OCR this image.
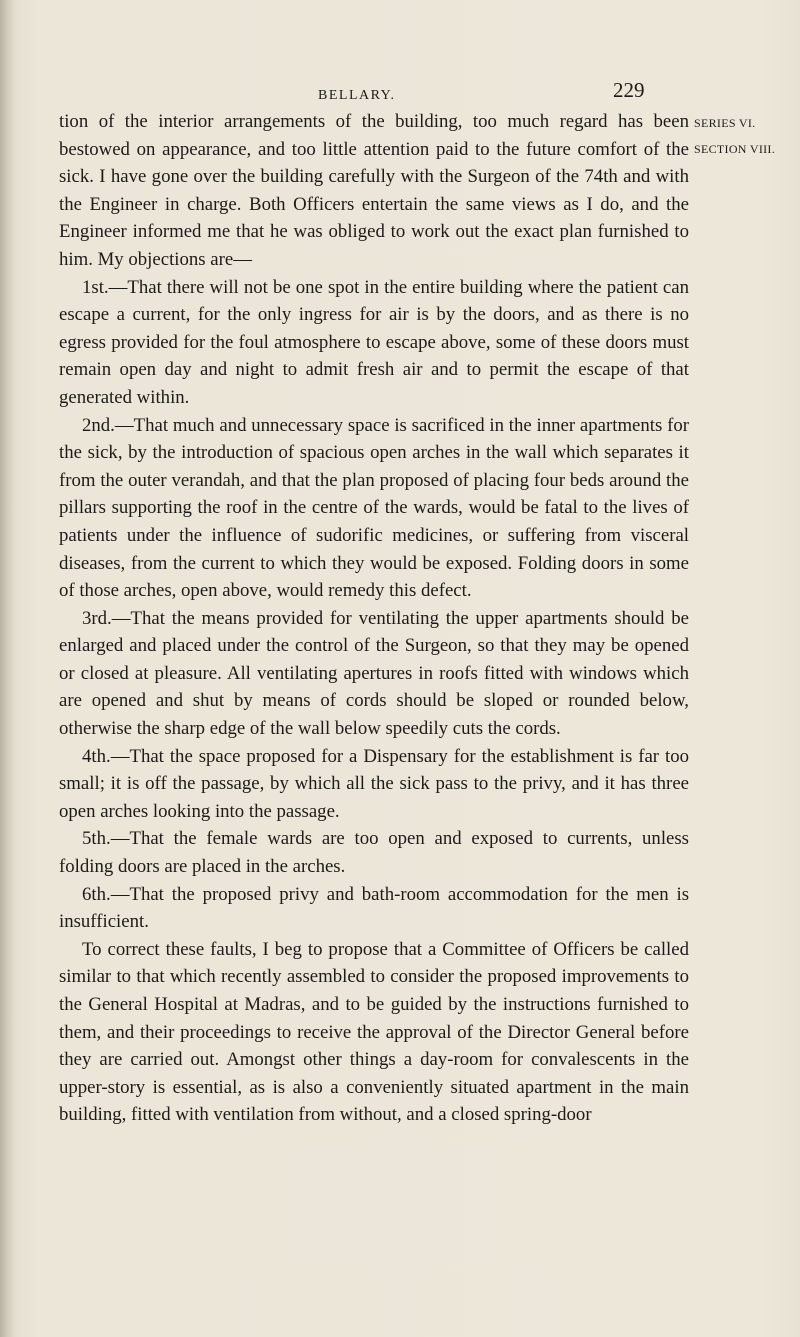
BELLARY.	229
SERIES VI.
SECTION VIII.

tion of the interior arrangements of the building, too much regard has been bestowed on appearance, and too little attention paid to the future comfort of the sick. I have gone over the building carefully with the Surgeon of the 74th and with the Engineer in charge. Both Officers entertain the same views as I do, and the Engineer informed me that he was obliged to work out the exact plan furnished to him. My objections are—

1st.—That there will not be one spot in the entire building where the patient can escape a current, for the only ingress for air is by the doors, and as there is no egress provided for the foul atmosphere to escape above, some of these doors must remain open day and night to admit fresh air and to permit the escape of that generated within.

2nd.—That much and unnecessary space is sacrificed in the inner apartments for the sick, by the introduction of spacious open arches in the wall which separates it from the outer verandah, and that the plan proposed of placing four beds around the pillars supporting the roof in the centre of the wards, would be fatal to the lives of patients under the influence of sudorific medicines, or suffering from visceral diseases, from the current to which they would be exposed. Folding doors in some of those arches, open above, would remedy this defect.

3rd.—That the means provided for ventilating the upper apartments should be enlarged and placed under the control of the Surgeon, so that they may be opened or closed at pleasure. All ventilating apertures in roofs fitted with windows which are opened and shut by means of cords should be sloped or rounded below, otherwise the sharp edge of the wall below speedily cuts the cords.

4th.—That the space proposed for a Dispensary for the establishment is far too small; it is off the passage, by which all the sick pass to the privy, and it has three open arches looking into the passage.

5th.—That the female wards are too open and exposed to currents, unless folding doors are placed in the arches.

6th.—That the proposed privy and bath-room accommodation for the men is insufficient.

To correct these faults, I beg to propose that a Committee of Officers be called similar to that which recently assembled to consider the proposed improvements to the General Hospital at Madras, and to be guided by the instructions furnished to them, and their proceedings to receive the approval of the Director General before they are carried out. Amongst other things a day-room for convalescents in the upper-story is essential, as is also a conveniently situated apartment in the main building, fitted with ventilation from without, and a closed spring-door
